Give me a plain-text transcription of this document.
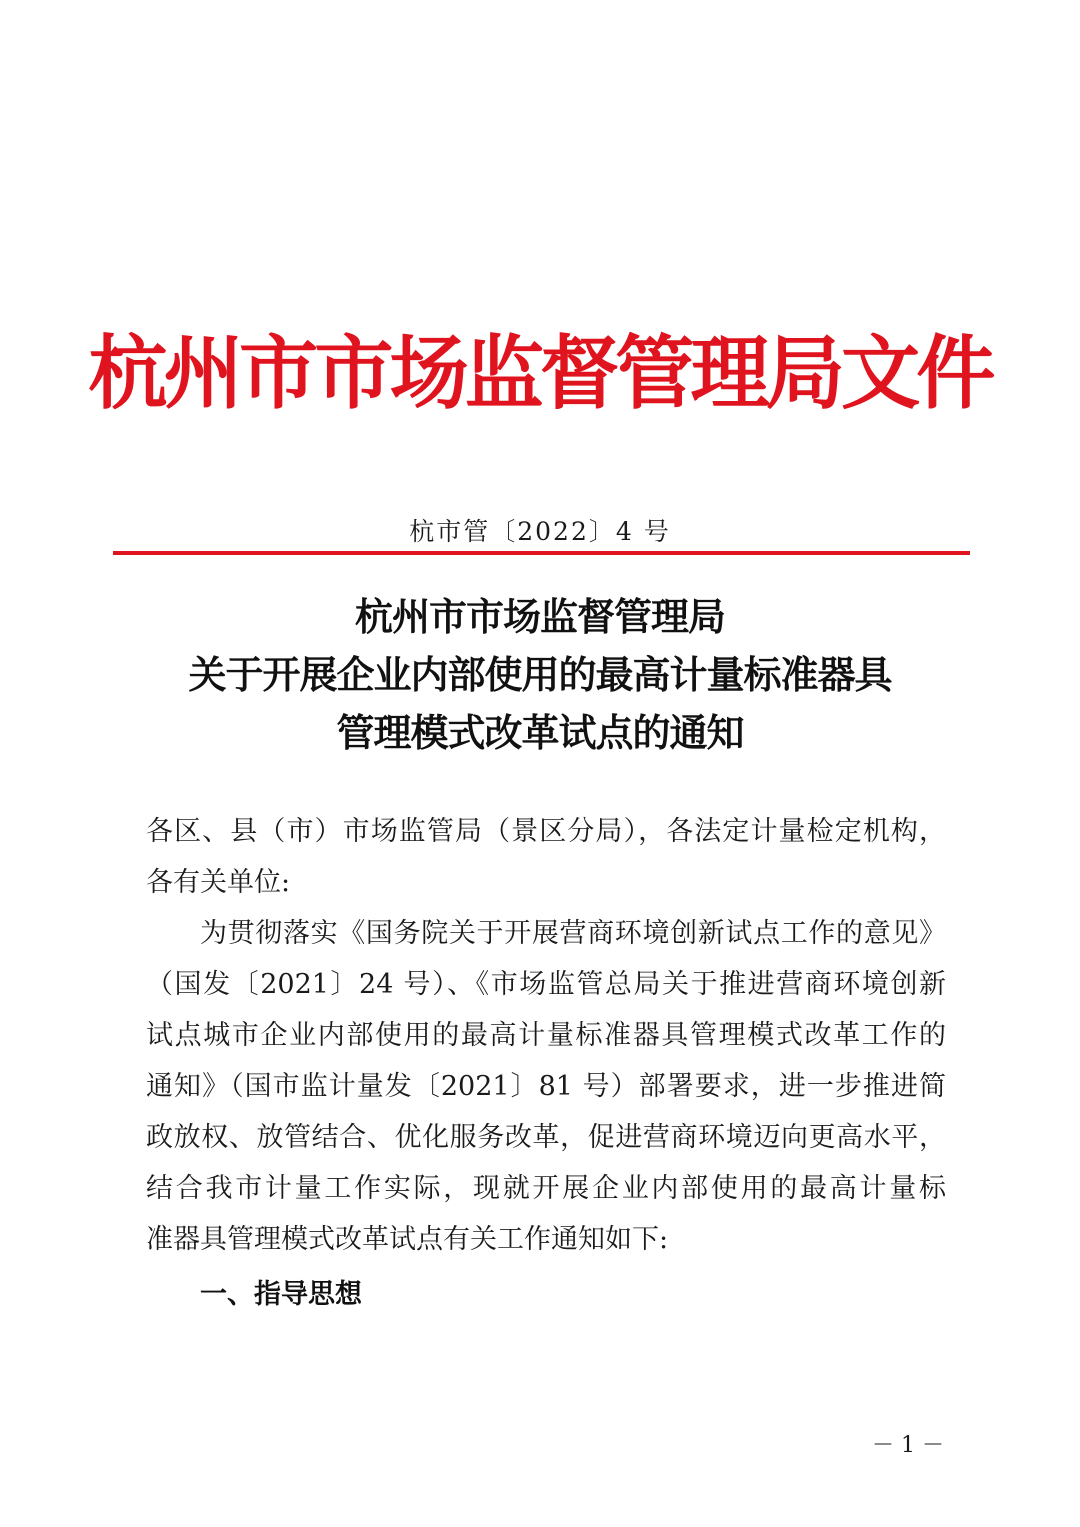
杭州市市场监督管理局文件
杭市管〔2022〕4 号
杭州市市场监督管理局
关于开展企业内部使用的最高计量标准器具
管理模式改革试点的通知
各区、县（市）市场监管局（景区分局），各法定计量检定机构，
各有关单位:
为贯彻落实《国务院关于开展营商环境创新试点工作的意见》
（国发〔2021〕24 号）、《市场监管总局关于推进营商环境创新
试点城市企业内部使用的最高计量标准器具管理模式改革工作的
通知》（国市监计量发〔2021〕81 号）部署要求，进一步推进简
政放权、放管结合、优化服务改革，促进营商环境迈向更高水平，
结合我市计量工作实际，现就开展企业内部使用的最高计量标
准器具管理模式改革试点有关工作通知如下:
一、指导思想
－ 1 －
